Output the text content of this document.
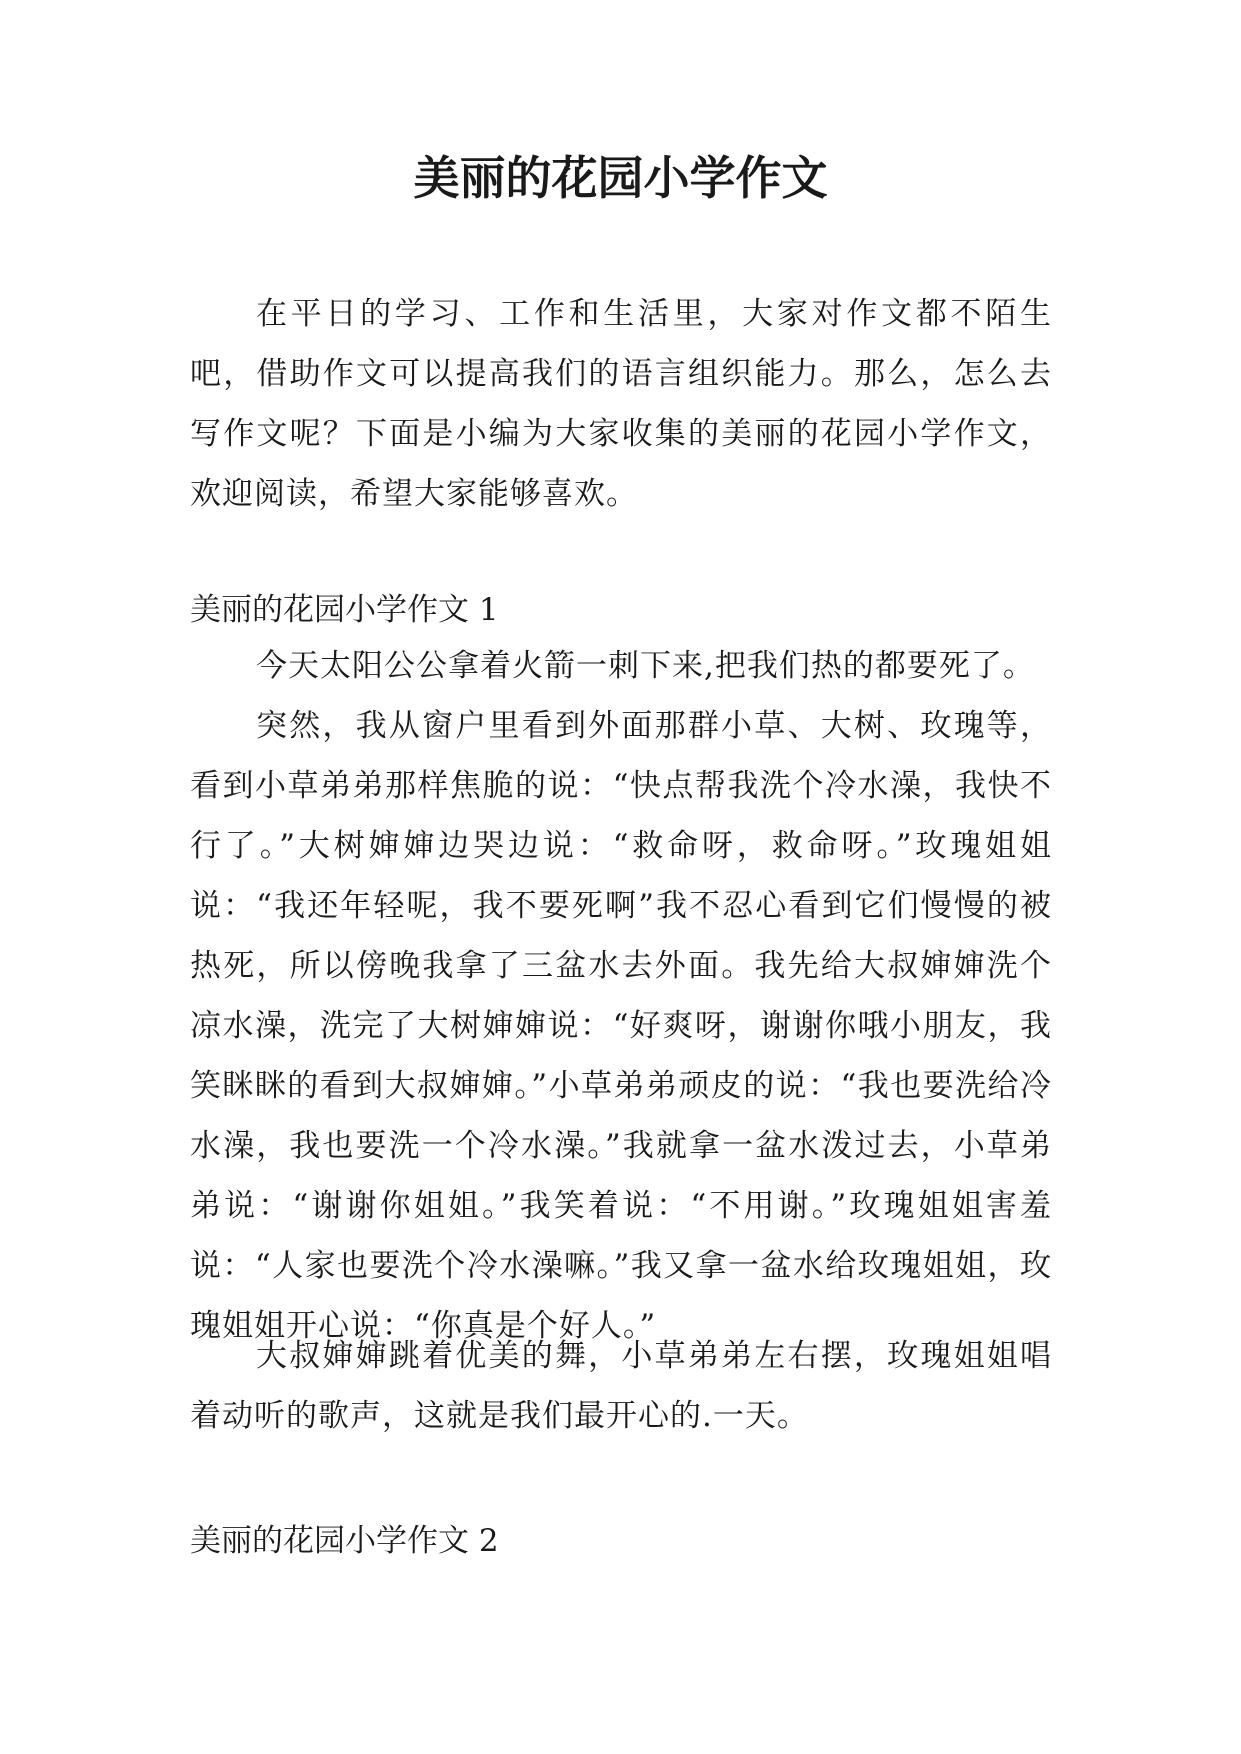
美丽的花园小学作文

在平日的学习、工作和生活里，大家对作文都不陌生吧，借助作文可以提高我们的语言组织能力。那么，怎么去写作文呢？下面是小编为大家收集的美丽的花园小学作文，欢迎阅读，希望大家能够喜欢。

美丽的花园小学作文 1

今天太阳公公拿着火箭一刺下来,把我们热的都要死了。

突然，我从窗户里看到外面那群小草、大树、玫瑰等，看到小草弟弟那样焦脆的说：“快点帮我洗个冷水澡，我快不行了。”大树婶婶边哭边说：“救命呀，救命呀。”玫瑰姐姐说：“我还年轻呢，我不要死啊”我不忍心看到它们慢慢的被热死，所以傍晚我拿了三盆水去外面。我先给大叔婶婶洗个凉水澡，洗完了大树婶婶说：“好爽呀，谢谢你哦小朋友，我笑眯眯的看到大叔婶婶。”小草弟弟顽皮的说：“我也要洗给冷水澡，我也要洗一个冷水澡。”我就拿一盆水泼过去，小草弟弟说：“谢谢你姐姐。”我笑着说：“不用谢。”玫瑰姐姐害羞说：“人家也要洗个冷水澡嘛。”我又拿一盆水给玫瑰姐姐，玫瑰姐姐开心说：“你真是个好人。”

大叔婶婶跳着优美的舞，小草弟弟左右摆，玫瑰姐姐唱着动听的歌声，这就是我们最开心的.一天。

美丽的花园小学作文 2
